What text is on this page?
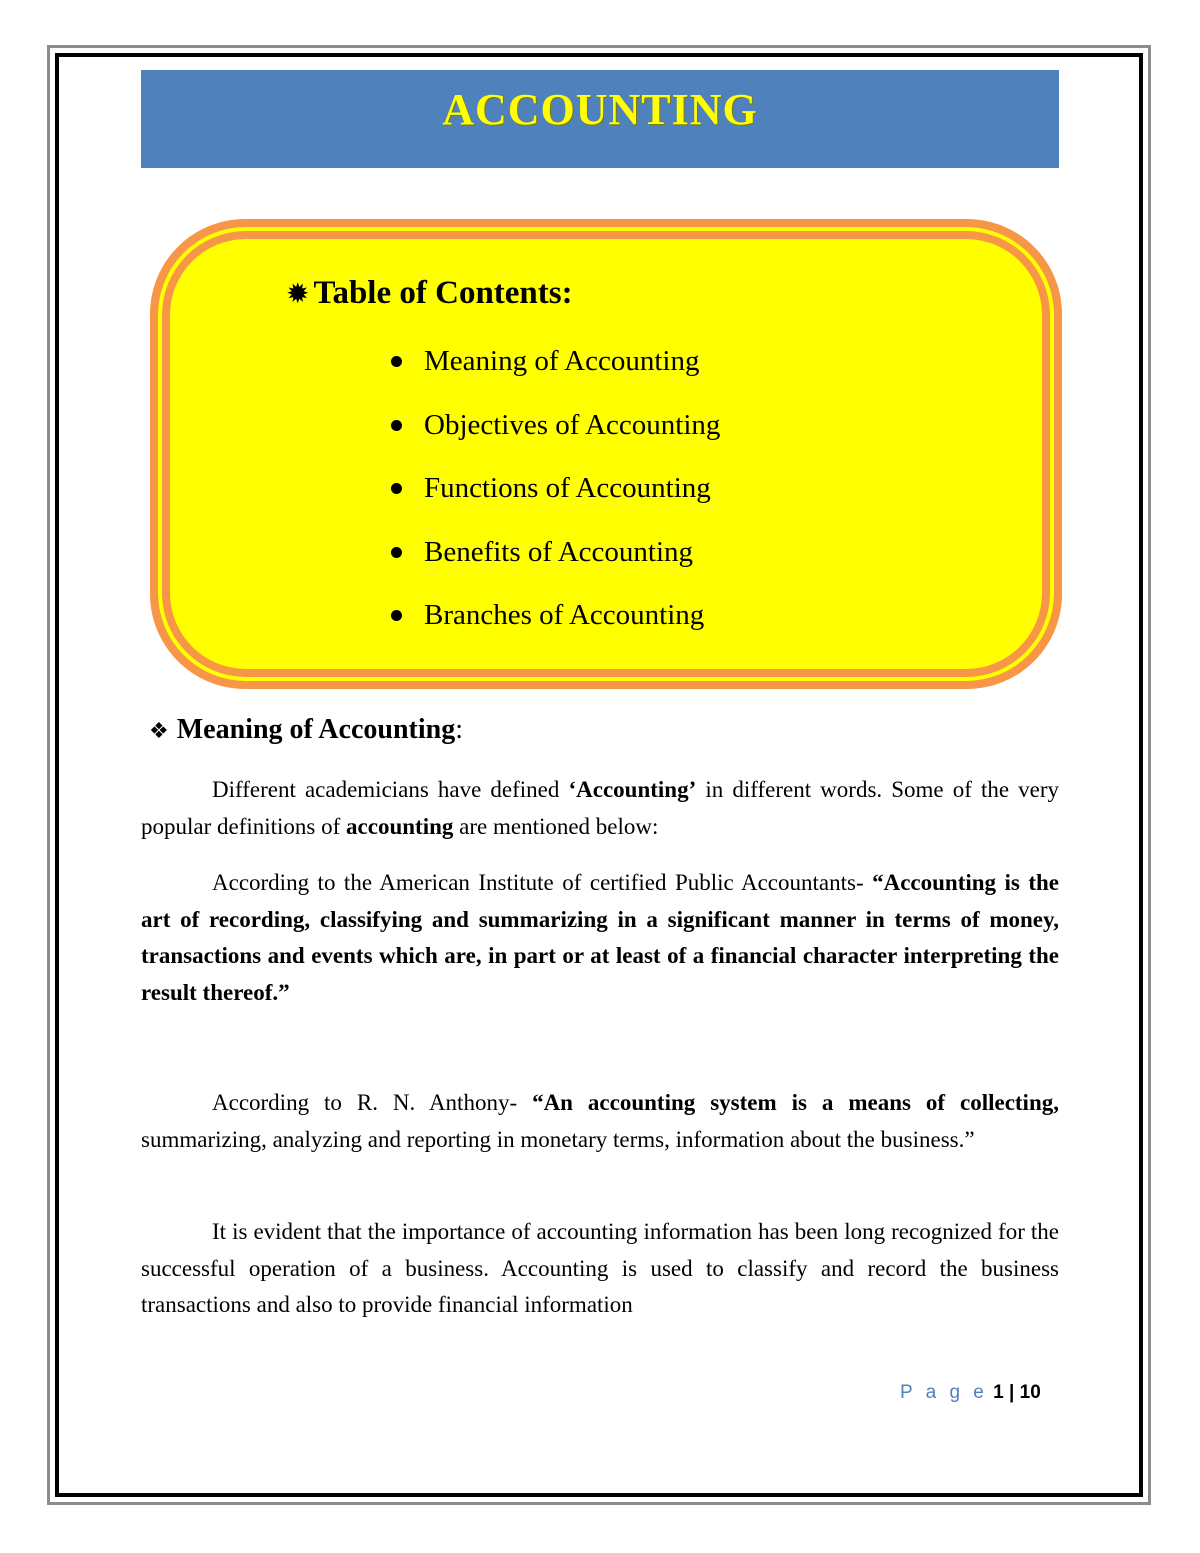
ACCOUNTING
✹ Table of Contents:
Meaning of Accounting
Objectives of Accounting
Functions of Accounting
Benefits of Accounting
Branches of Accounting
❖ Meaning of Accounting:
Different academicians have defined ‘Accounting’ in different words. Some of the very popular definitions of accounting are mentioned below:
According to the American Institute of certified Public Accountants- “Accounting is the art of recording, classifying and summarizing in a significant manner in terms of money, transactions and events which are, in part or at least of a financial character interpreting the result thereof.”
According to R. N. Anthony- “An accounting system is a means of collecting, summarizing, analyzing and reporting in monetary terms, information about the business.”
It is evident that the importance of accounting information has been long recognized for the successful operation of a business. Accounting is used to classify and record the business transactions and also to provide financial information
P a g e 1 | 10
